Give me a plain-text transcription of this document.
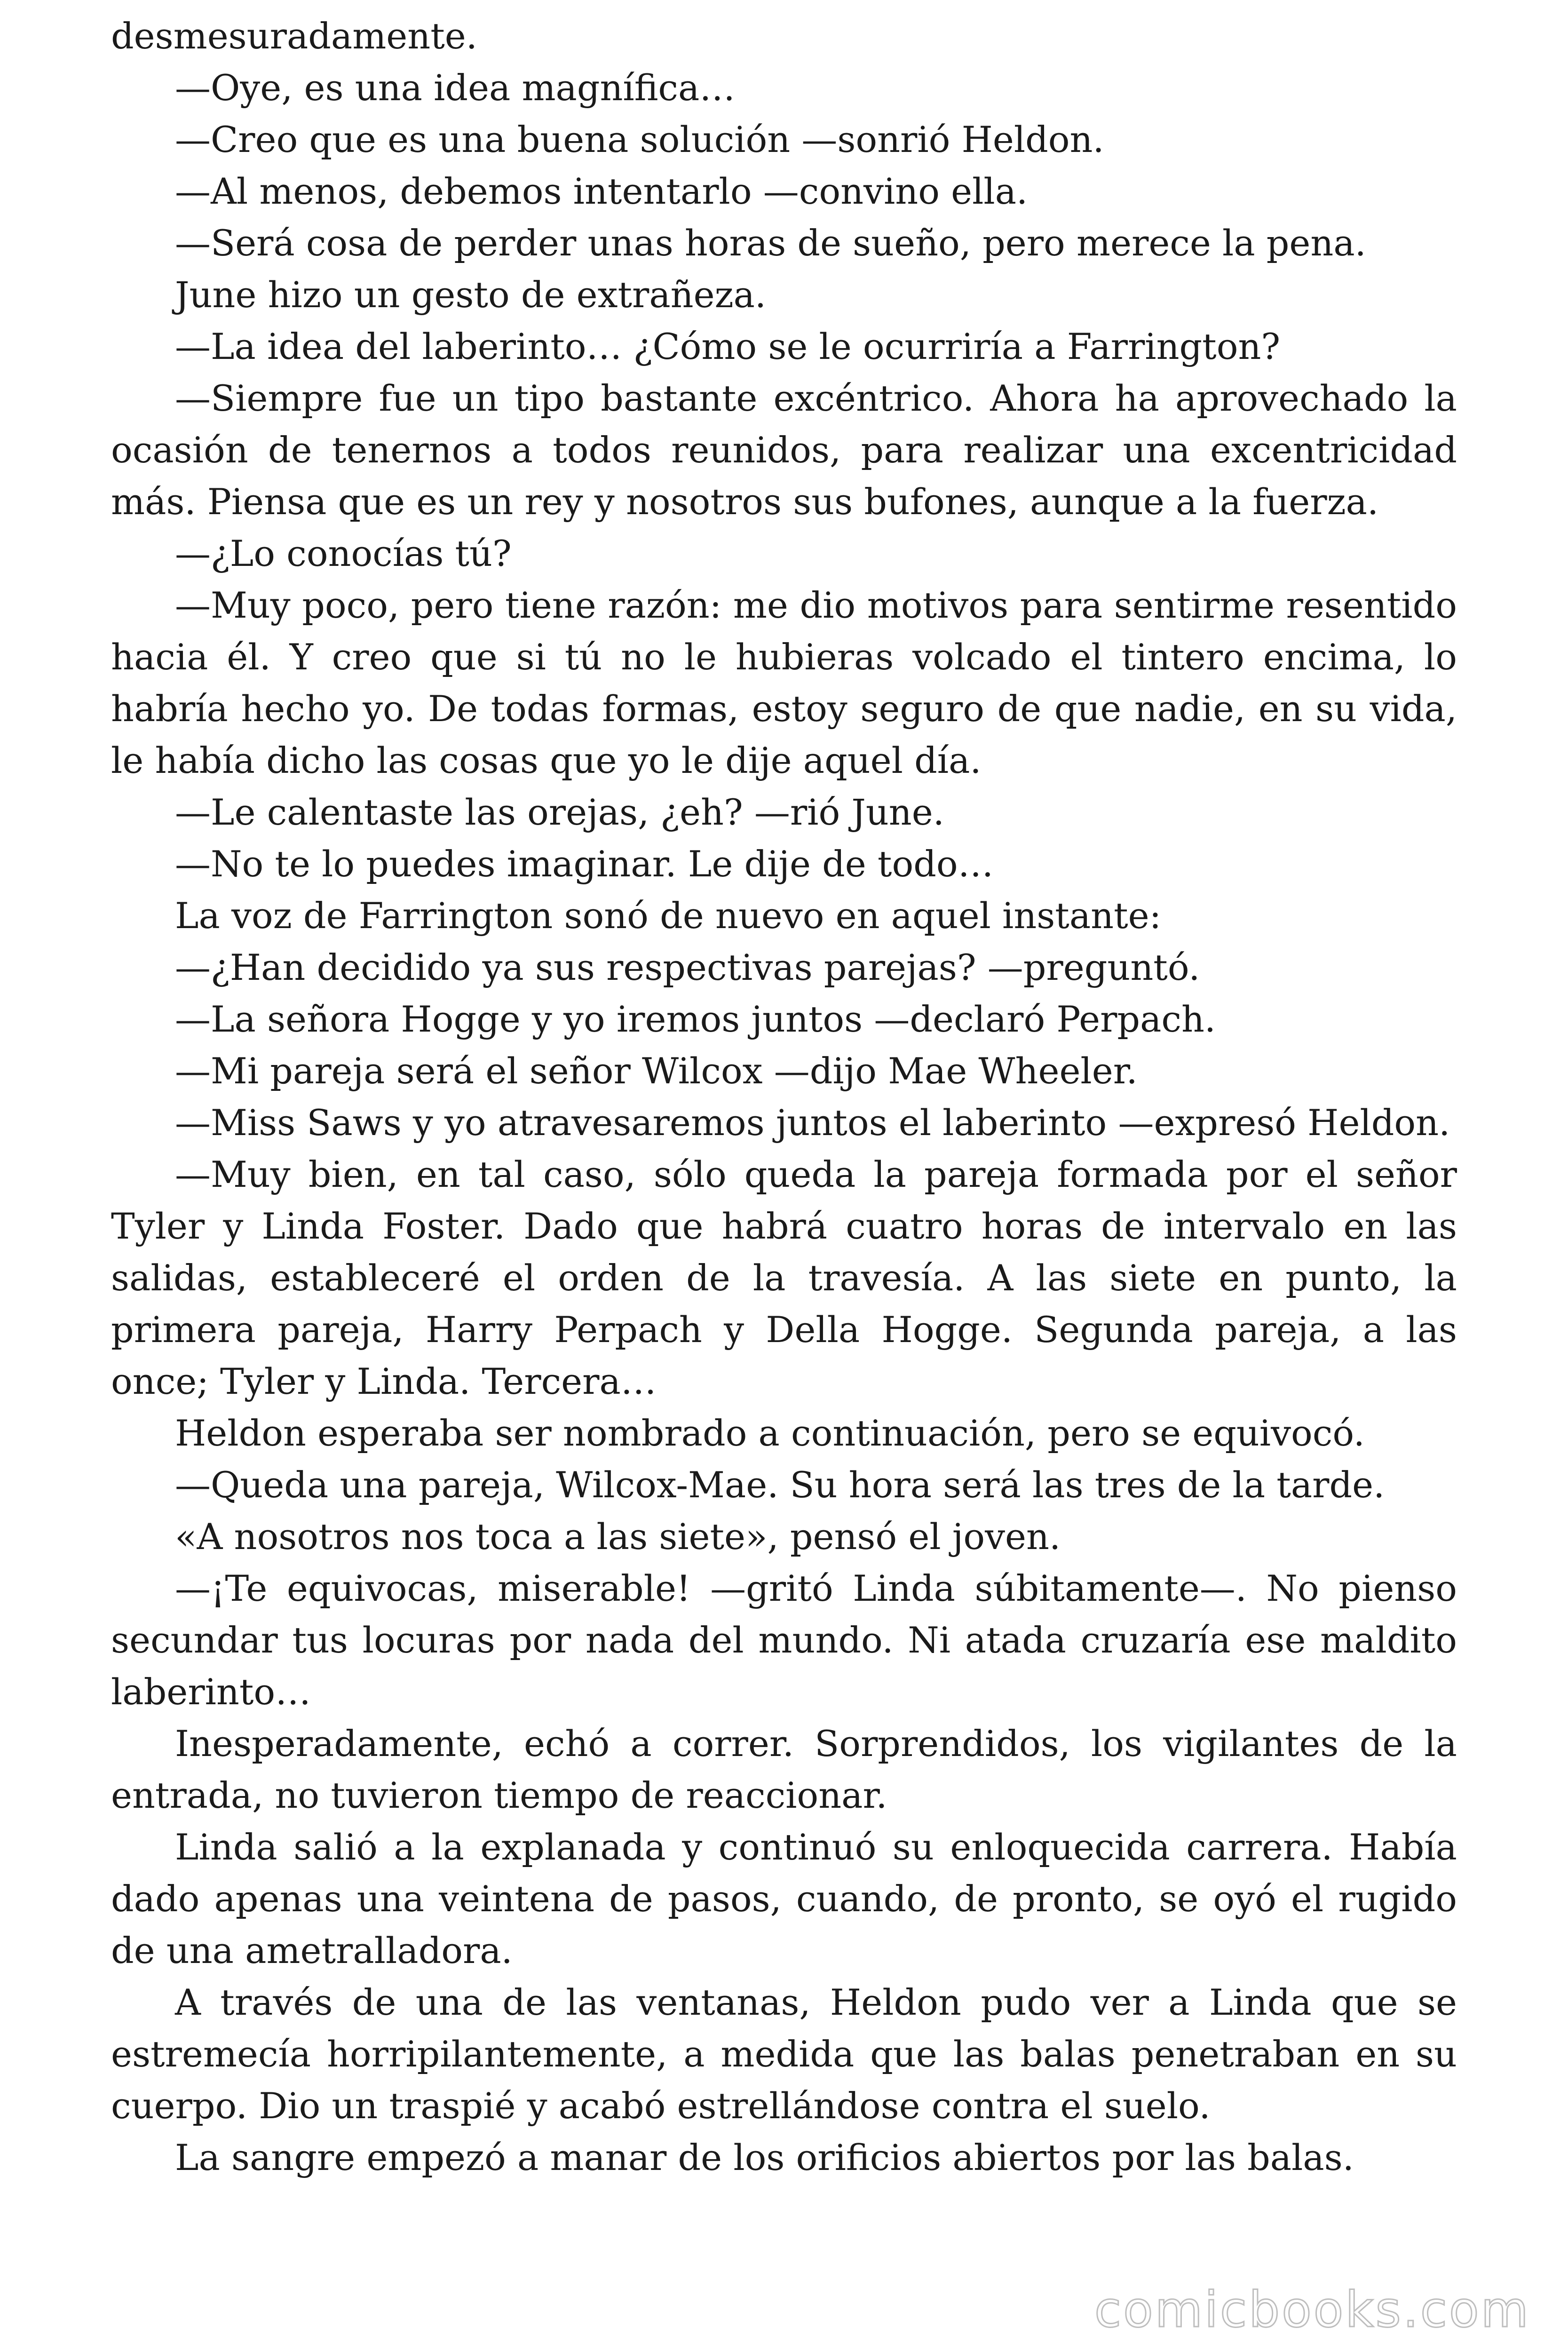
desmesuradamente.

—Oye, es una idea magnífica…

—Creo que es una buena solución —sonrió Heldon.

—Al menos, debemos intentarlo —convino ella.

—Será cosa de perder unas horas de sueño, pero merece la pena.

June hizo un gesto de extrañeza.

—La idea del laberinto… ¿Cómo se le ocurriría a Farrington?

—Siempre fue un tipo bastante excéntrico. Ahora ha aprovechado la ocasión de tenernos a todos reunidos, para realizar una excentricidad más. Piensa que es un rey y nosotros sus bufones, aunque a la fuerza.

—¿Lo conocías tú?

—Muy poco, pero tiene razón: me dio motivos para sentirme resentido hacia él. Y creo que si tú no le hubieras volcado el tintero encima, lo habría hecho yo. De todas formas, estoy seguro de que nadie, en su vida, le había dicho las cosas que yo le dije aquel día.

—Le calentaste las orejas, ¿eh? —rió June.

—No te lo puedes imaginar. Le dije de todo…

La voz de Farrington sonó de nuevo en aquel instante:

—¿Han decidido ya sus respectivas parejas? —preguntó.

—La señora Hogge y yo iremos juntos —declaró Perpach.

—Mi pareja será el señor Wilcox —dijo Mae Wheeler.

—Miss Saws y yo atravesaremos juntos el laberinto —expresó Heldon.

—Muy bien, en tal caso, sólo queda la pareja formada por el señor Tyler y Linda Foster. Dado que habrá cuatro horas de intervalo en las salidas, estableceré el orden de la travesía. A las siete en punto, la primera pareja, Harry Perpach y Della Hogge. Segunda pareja, a las once; Tyler y Linda. Tercera…

Heldon esperaba ser nombrado a continuación, pero se equivocó.

—Queda una pareja, Wilcox-Mae. Su hora será las tres de la tarde.

«A nosotros nos toca a las siete», pensó el joven.

—¡Te equivocas, miserable! —gritó Linda súbitamente—. No pienso secundar tus locuras por nada del mundo. Ni atada cruzaría ese maldito laberinto…

Inesperadamente, echó a correr. Sorprendidos, los vigilantes de la entrada, no tuvieron tiempo de reaccionar.

Linda salió a la explanada y continuó su enloquecida carrera. Había dado apenas una veintena de pasos, cuando, de pronto, se oyó el rugido de una ametralladora.

A través de una de las ventanas, Heldon pudo ver a Linda que se estremecía horripilantemente, a medida que las balas penetraban en su cuerpo. Dio un traspié y acabó estrellándose contra el suelo.

La sangre empezó a manar de los orificios abiertos por las balas.

comicbooks.com
